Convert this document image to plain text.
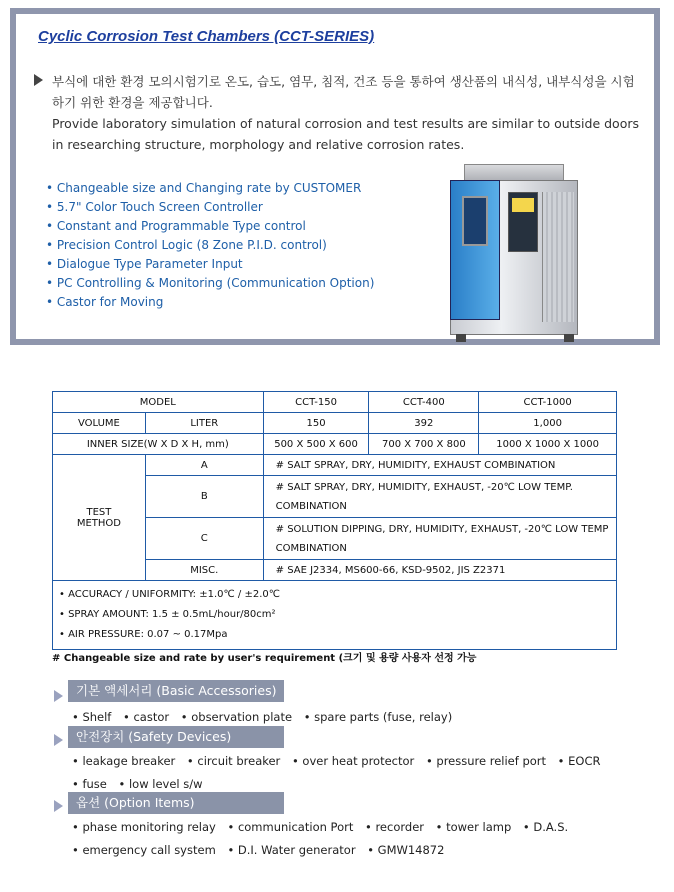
Cyclic Corrosion Test Chambers (CCT-SERIES)

부식에 대한 환경 모의시험기로 온도, 습도, 염무, 침적, 건조 등을 통하여 생산품의 내식성, 내부식성을 시험하기 위한 환경을 제공합니다.

Provide laboratory simulation of natural corrosion and test results are similar to outside doors in researching structure, morphology and relative corrosion rates.

• Changeable size and Changing rate by CUSTOMER
• 5.7" Color Touch Screen Controller
• Constant and Programmable Type control
• Precision Control Logic (8 Zone P.I.D. control)
• Dialogue Type Parameter Input
• PC Controlling & Monitoring (Communication Option)
• Castor for Moving
MODEL		CCT-150	CCT-400	CCT-1000
VOLUME	LITER	150	392	1,000
INNER SIZE(W X D X H, mm)		500 X 500 X 600	700 X 700 X 800	1000 X 1000 X 1000

TEST
METHOD	A	# SALT SPRAY, DRY, HUMIDITY, EXHAUST COMBINATION		
	B	# SALT SPRAY, DRY, HUMIDITY, EXHAUST, -20℃ LOW TEMP. COMBINATION		
	C	# SOLUTION DIPPING, DRY, HUMIDITY, EXHAUST, -20℃ LOW TEMP COMBINATION		
	MISC.	# SAE J2334, MS600-66, KSD-9502, JIS Z2371		

• ACCURACY / UNIFORMITY: ±1.0℃ / ±2.0℃
• SPRAY AMOUNT: 1.5 ± 0.5mL/hour/80cm²
• AIR PRESSURE: 0.07 ~ 0.17Mpa				
# Changeable size and rate by user's requirement (크기 및 용량 사용자 선정 가능
기본 액세서리 (Basic Accessories)
• Shelf • castor • observation plate • spare parts (fuse, relay)
안전장치 (Safety Devices)
• leakage breaker • circuit breaker • over heat protector • pressure relief port • EOCR
• fuse • low level s/w
옵션 (Option Items)
• phase monitoring relay • communication Port • recorder • tower lamp • D.A.S.
• emergency call system • D.I. Water generator • GMW14872
